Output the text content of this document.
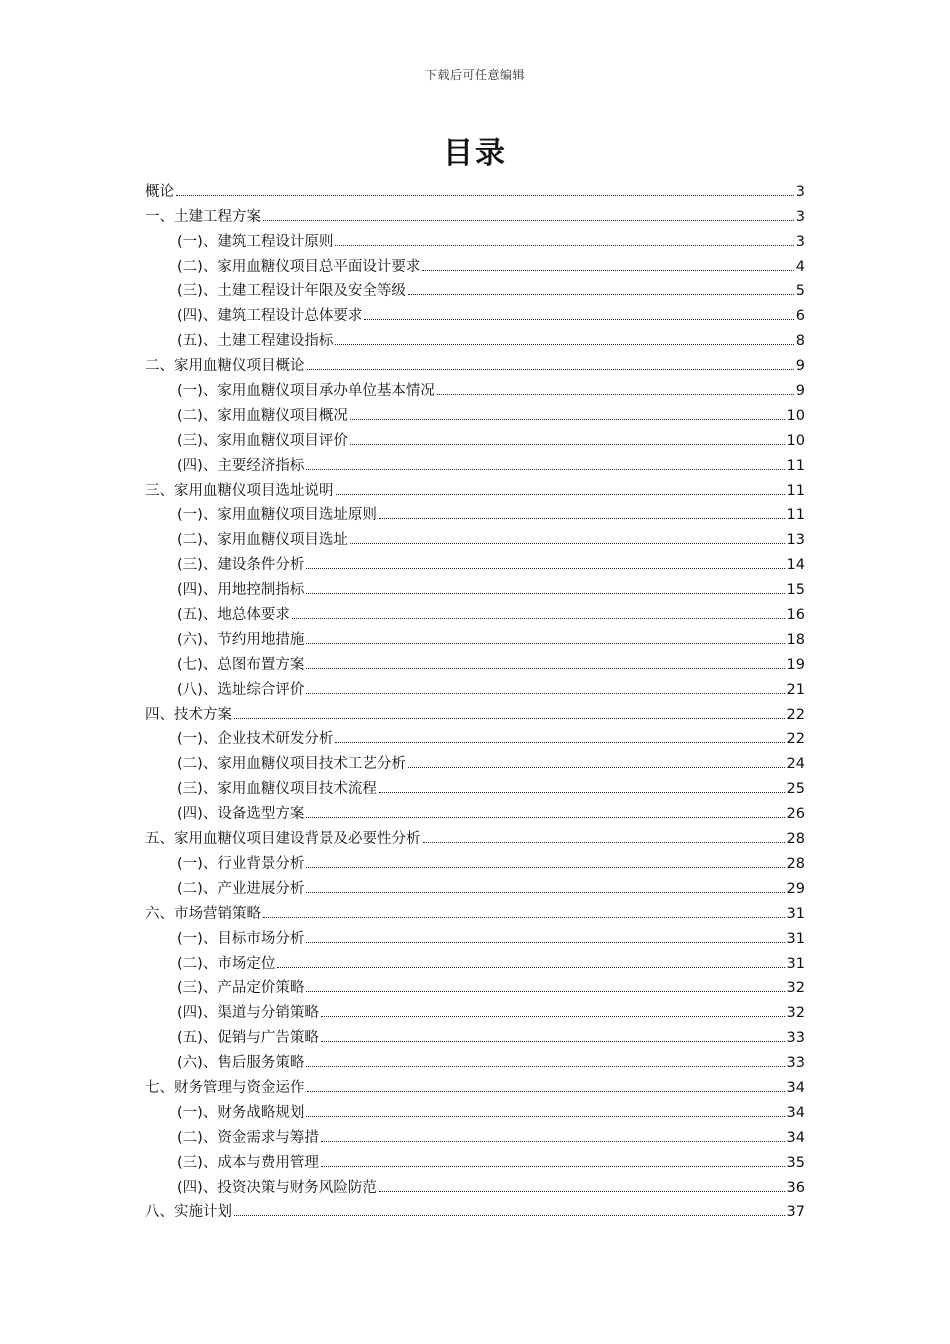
下载后可任意编辑
目录
概论	3
一、土建工程方案	3
(一)、建筑工程设计原则	3
(二)、家用血糖仪项目总平面设计要求	4
(三)、土建工程设计年限及安全等级	5
(四)、建筑工程设计总体要求	6
(五)、土建工程建设指标	8
二、家用血糖仪项目概论	9
(一)、家用血糖仪项目承办单位基本情况	9
(二)、家用血糖仪项目概况	10
(三)、家用血糖仪项目评价	10
(四)、主要经济指标	11
三、家用血糖仪项目选址说明	11
(一)、家用血糖仪项目选址原则	11
(二)、家用血糖仪项目选址	13
(三)、建设条件分析	14
(四)、用地控制指标	15
(五)、地总体要求	16
(六)、节约用地措施	18
(七)、总图布置方案	19
(八)、选址综合评价	21
四、技术方案	22
(一)、企业技术研发分析	22
(二)、家用血糖仪项目技术工艺分析	24
(三)、家用血糖仪项目技术流程	25
(四)、设备选型方案	26
五、家用血糖仪项目建设背景及必要性分析	28
(一)、行业背景分析	28
(二)、产业进展分析	29
六、市场营销策略	31
(一)、目标市场分析	31
(二)、市场定位	31
(三)、产品定价策略	32
(四)、渠道与分销策略	32
(五)、促销与广告策略	33
(六)、售后服务策略	33
七、财务管理与资金运作	34
(一)、财务战略规划	34
(二)、资金需求与筹措	34
(三)、成本与费用管理	35
(四)、投资决策与财务风险防范	36
八、实施计划	37
